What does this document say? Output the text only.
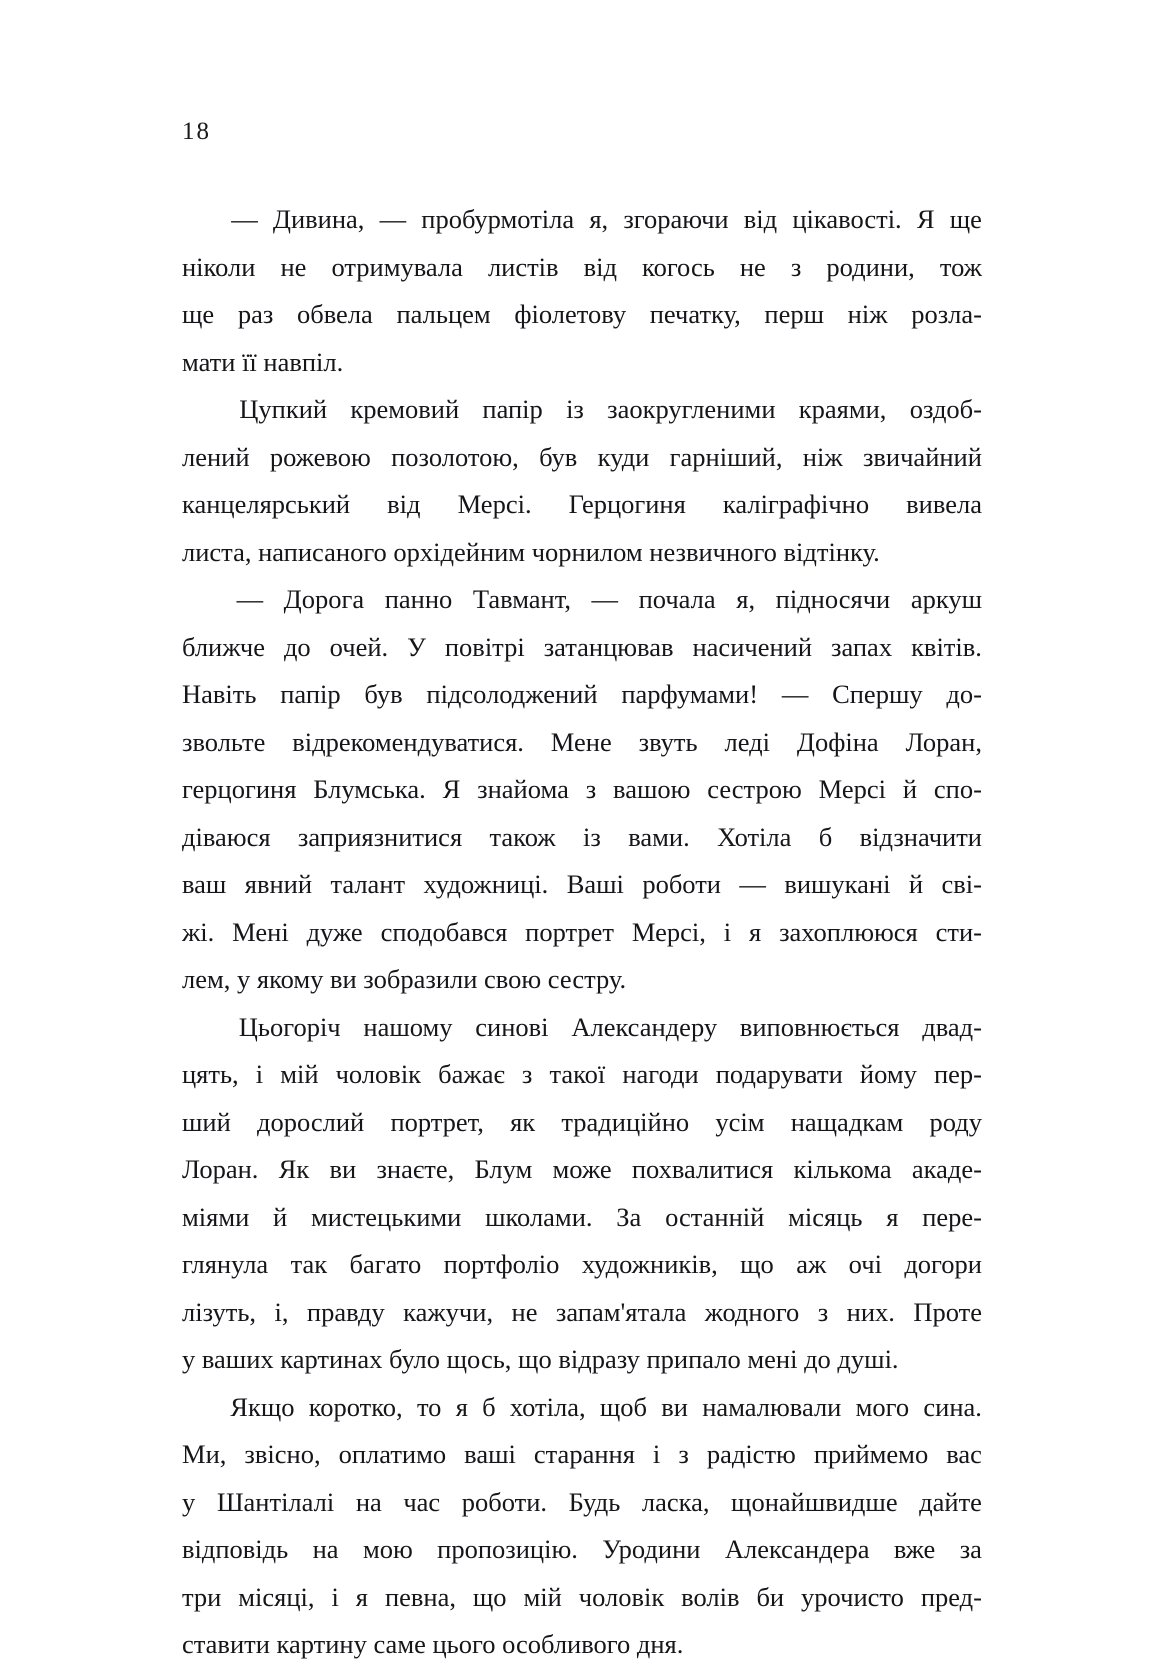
18

— Дивина, — пробурмотіла я, згораючи від цікавості. Я ще
ніколи не отримувала листів від когось не з родини, тож
ще раз обвела пальцем фіолетову печатку, перш ніж розла-
мати її навпіл.

Цупкий кремовий папір із заокругленими краями, оздоб-
лений рожевою позолотою, був куди гарніший, ніж звичайний
канцелярський від Мерсі. Герцогиня каліграфічно вивела
листа, написаного орхідейним чорнилом незвичного відтінку.

— Дорога панно Тавмант, — почала я, підносячи аркуш
ближче до очей. У повітрі затанцював насичений запах квітів.
Навіть папір був підсолоджений парфумами! — Спершу до-
звольте відрекомендуватися. Мене звуть леді Дофіна Лоран,
герцогиня Блумська. Я знайома з вашою сестрою Мерсі й спо-
діваюся заприязнитися також із вами. Хотіла б відзначити
ваш явний талант художниці. Ваші роботи — вишукані й сві-
жі. Мені дуже сподобався портрет Мерсі, і я захоплююся сти-
лем, у якому ви зобразили свою сестру.

Цьогоріч нашому синові Александеру виповнюється двад-
цять, і мій чоловік бажає з такої нагоди подарувати йому пер-
ший дорослий портрет, як традиційно усім нащадкам роду
Лоран. Як ви знаєте, Блум може похвалитися кількома акаде-
міями й мистецькими школами. За останній місяць я пере-
глянула так багато портфоліо художників, що аж очі догори
лізуть, і, правду кажучи, не запам'ятала жодного з них. Проте
у ваших картинах було щось, що відразу припало мені до душі.

Якщо коротко, то я б хотіла, щоб ви намалювали мого сина.
Ми, звісно, оплатимо ваші старання і з радістю приймемо вас
у Шантілалі на час роботи. Будь ласка, щонайшвидше дайте
відповідь на мою пропозицію. Уродини Александера вже за
три місяці, і я певна, що мій чоловік волів би урочисто пред-
ставити картину саме цього особливого дня.
